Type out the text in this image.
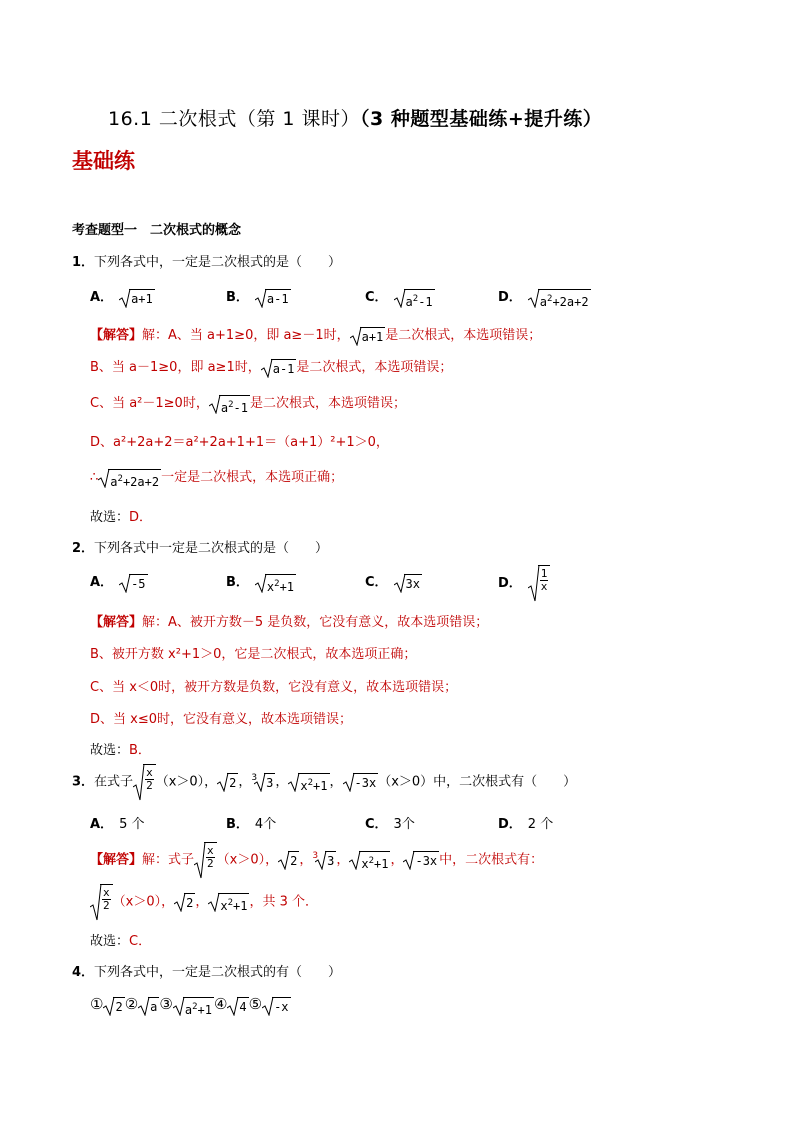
16.1 二次根式（第 1 课时）（3 种题型基础练+提升练）
基础练
考查题型一　二次根式的概念
1．下列各式中，一定是二次根式的是（　　）
A． a+1	B． a-1	C． $a^2-1$	D． $a^2+2a+2$
【解答】解：A、当 a+1≥0，即 a≥－1时， a+1 是二次根式，本选项错误；
B、当 a－1≥0，即 a≥1时， a-1 是二次根式，本选项错误；
C、当 a²－1≥0时， $a^2-1$ 是二次根式，本选项错误；
D、a²+2a+2＝a²+2a+1+1＝（a+1）²+1＞0，
∴ $a^2+2a+2$ 一定是二次根式，本选项正确；
故选：D．
2．下列各式中一定是二次根式的是（　　）
A． -5	B． $x^2+1$	C． 3x	D． $\frac{1}{x}$
【解答】解：A、被开方数－5 是负数，它没有意义，故本选项错误；
B、被开方数 x²+1＞0，它是二次根式，故本选项正确；
C、当 x＜0时，被开方数是负数，它没有意义，故本选项错误；
D、当 x≤0时，它没有意义，故本选项错误；
故选：B．
3．在式子 $\frac{x}{2} (x>0)$， 2 ，$^3$ 3 ， $x^2+1$ ， -3x （x＞0）中，二次根式有（　　）
A． 5 个	B． 4个	C． 3个	D． 2 个
【解答】解：式子 $\frac{x}{2} (x>0)$， 2 ，$^3$ 3 ， $x^2+1$ ， -3x 中，二次根式有：
$\frac{x}{2} (x>0)$， 2 ， $x^2+1$ ，共 3 个．
故选：C．
4．下列各式中，一定是二次根式的有（　　）
① 2 ② a ③ $a^2+1$ ④ 4 ⑤ -x
